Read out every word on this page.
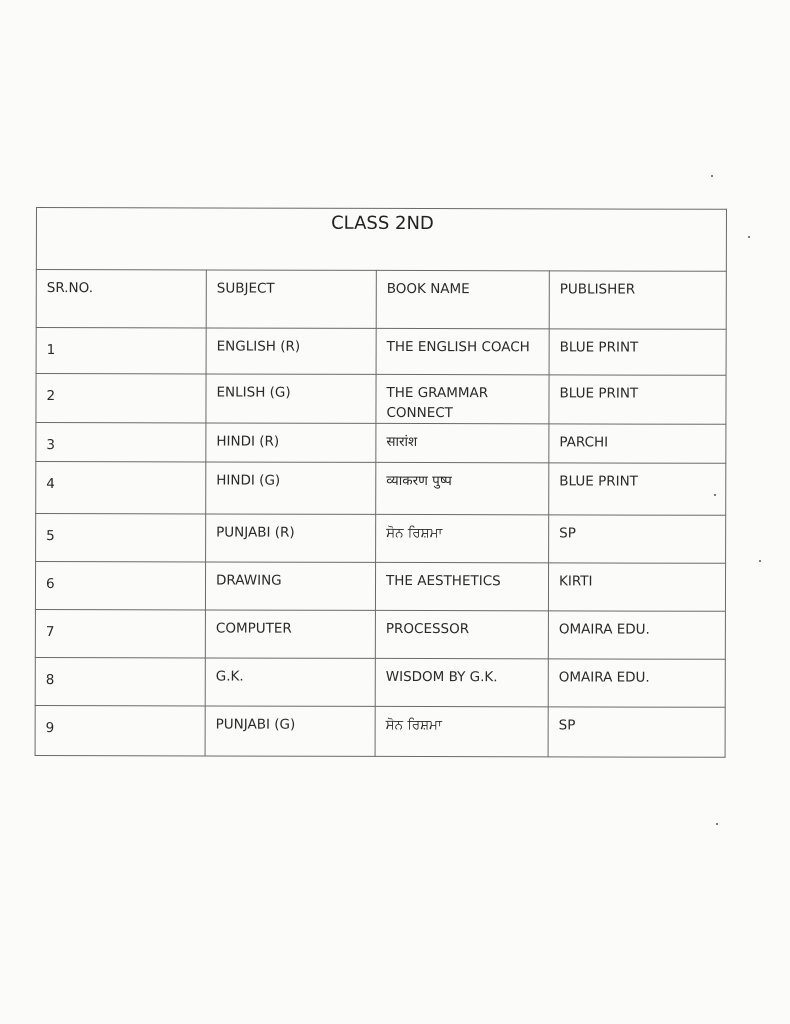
CLASS 2ND			
SR.NO.	SUBJECT	BOOK NAME	PUBLISHER
1	ENGLISH (R)	THE ENGLISH COACH	BLUE PRINT
2	ENLISH (G)	THE GRAMMAR CONNECT	BLUE PRINT
3	HINDI (R)	सारांश	PARCHI
4	HINDI (G)	व्याकरण पुष्प	BLUE PRINT
5	PUNJABI (R)	ਸੋਨ ਰਿਸ਼ਮਾ	SP
6	DRAWING	THE AESTHETICS	KIRTI
7	COMPUTER	PROCESSOR	OMAIRA EDU.
8	G.K.	WISDOM BY G.K.	OMAIRA EDU.
9	PUNJABI (G)	ਸੋਨ ਰਿਸ਼ਮਾ	SP
